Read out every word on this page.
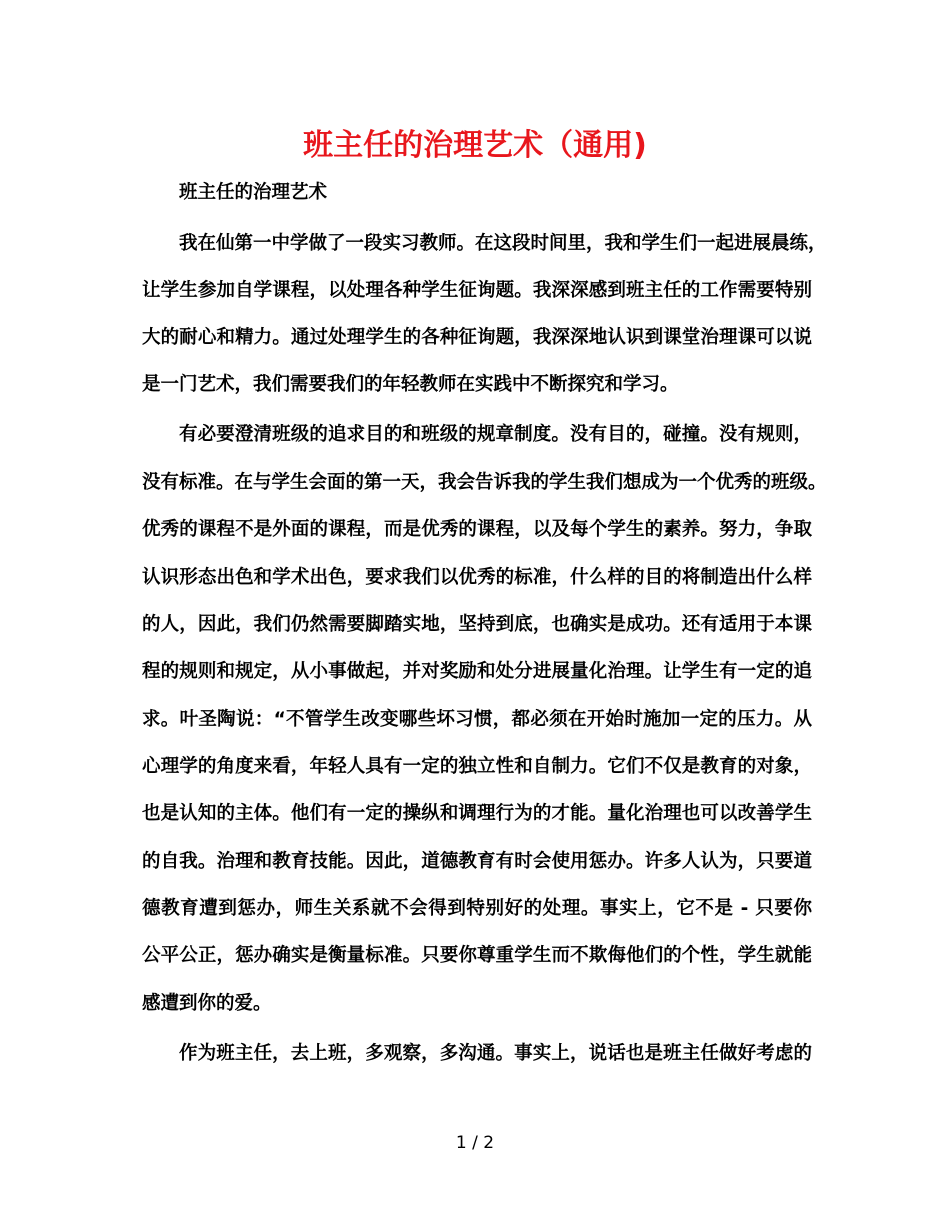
班主任的治理艺术（通用)
班主任的治理艺术
我在仙第一中学做了一段实习教师。在这段时间里，我和学生们一起进展晨练，
让学生参加自学课程，以处理各种学生征询题。我深深感到班主任的工作需要特别
大的耐心和精力。通过处理学生的各种征询题，我深深地认识到课堂治理课可以说
是一门艺术，我们需要我们的年轻教师在实践中不断探究和学习。
有必要澄清班级的追求目的和班级的规章制度。没有目的，碰撞。没有规则，
没有标准。在与学生会面的第一天，我会告诉我的学生我们想成为一个优秀的班级。
优秀的课程不是外面的课程，而是优秀的课程，以及每个学生的素养。努力，争取
认识形态出色和学术出色，要求我们以优秀的标准，什么样的目的将制造出什么样
的人，因此，我们仍然需要脚踏实地，坚持到底，也确实是成功。还有适用于本课
程的规则和规定，从小事做起，并对奖励和处分进展量化治理。让学生有一定的追
求。叶圣陶说：“不管学生改变哪些坏习惯，都必须在开始时施加一定的压力。从
心理学的角度来看，年轻人具有一定的独立性和自制力。它们不仅是教育的对象，
也是认知的主体。他们有一定的操纵和调理行为的才能。量化治理也可以改善学生
的自我。治理和教育技能。因此，道德教育有时会使用惩办。许多人认为，只要道
德教育遭到惩办，师生关系就不会得到特别好的处理。事实上，它不是 - 只要你
公平公正，惩办确实是衡量标准。只要你尊重学生而不欺侮他们的个性，学生就能
感遭到你的爱。
作为班主任，去上班，多观察，多沟通。事实上，说话也是班主任做好考虑的
1 / 2
